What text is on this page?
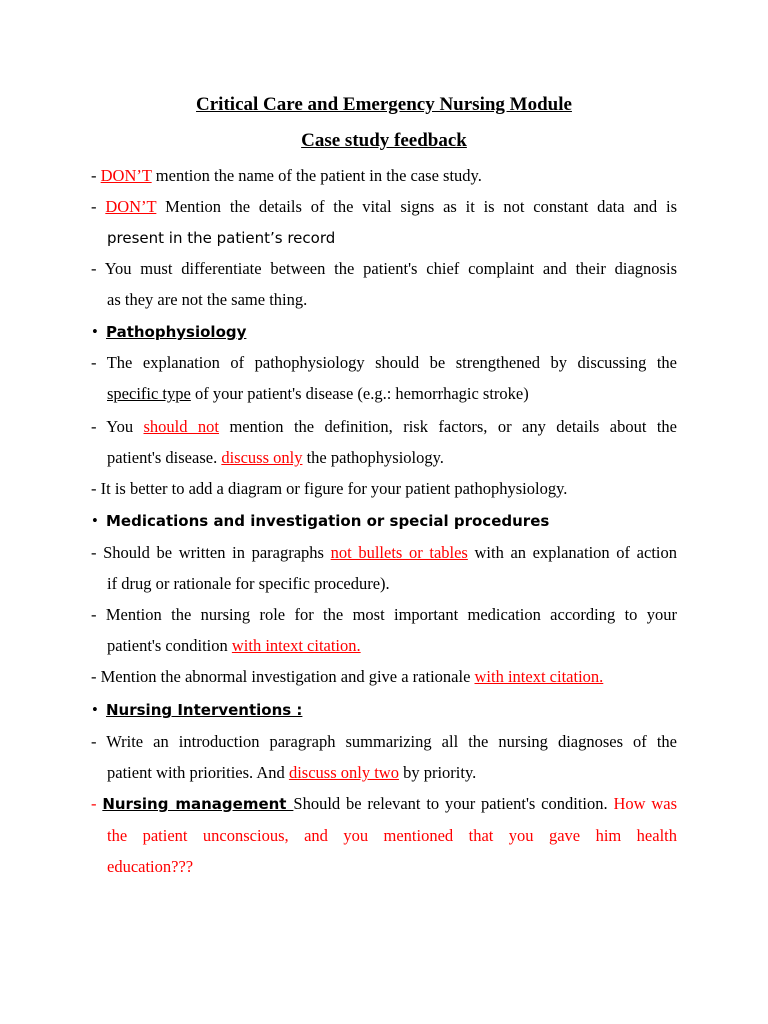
Critical Care and Emergency Nursing Module
Case study feedback
- DON’T mention the name of the patient in the case study.
- DON’T Mention the details of the vital signs as it is not constant data and is
present in the patient’s record
- You must differentiate between the patient's chief complaint and their diagnosis
as they are not the same thing.
• Pathophysiology
- The explanation of pathophysiology should be strengthened by discussing the
specific type of your patient's disease (e.g.: hemorrhagic stroke)
- You should not mention the definition, risk factors, or any details about the
patient's disease. discuss only the pathophysiology.
- It is better to add a diagram or figure for your patient pathophysiology.
• Medications and investigation or special procedures
- Should be written in paragraphs not bullets or tables with an explanation of action
if drug or rationale for specific procedure).
- Mention the nursing role for the most important medication according to your
patient's condition with intext citation.
- Mention the abnormal investigation and give a rationale with intext citation.
• Nursing Interventions :
- Write an introduction paragraph summarizing all the nursing diagnoses of the
patient with priorities. And discuss only two by priority.
- Nursing management Should be relevant to your patient's condition. How was
the patient unconscious, and you mentioned that you gave him health
education???
